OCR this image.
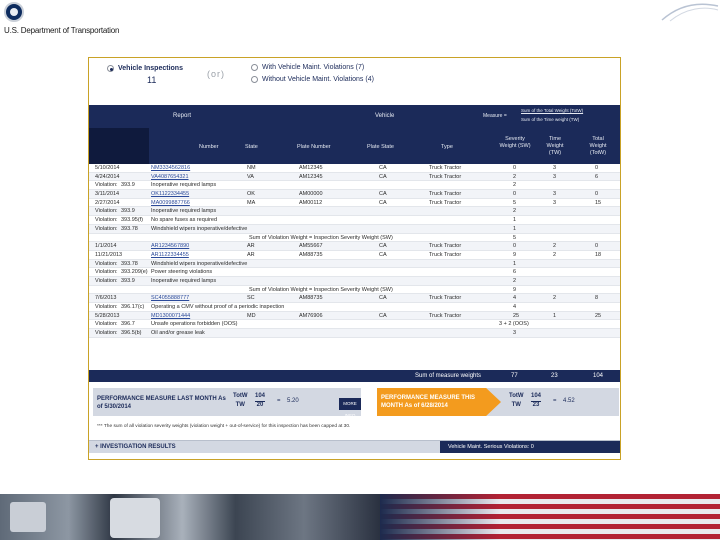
U.S. Department of Transportation
Vehicle Inspections
11
(or)
With Vehicle Maint. Violations (7)
Without Vehicle Maint. Violations (4)
Report	Vehicle	Measure =
Sum of the Total Weight (TotW)
Sum of the Time weight (TW)
Number	State	Plate Number	Plate State	Type
Severity Weight (SW)
Time Weight (TW)
Total Weight (TotW)
5/10/2014	NM3334562816	NM	AM12345	CA	Truck Tractor	0	3	0
4/24/2014	VA4087654321	VA	AM12345	CA	Truck Tractor	2	3	6
Violation: 393.9	Inoperative required lamps	2
3/11/2014	OK1122334455	OK	AM00000	CA	Truck Tractor	0	3	0
2/27/2014	MA0099887766	MA	AM00112	CA	Truck Tractor	5	3	15
Violation: 393.9	Inoperative required lamps	2
Violation: 393.95(f) No spare fuses as required	1
Violation: 393.78 Windshield wipers inoperative/defective	1
Sum of Violation Weight = Inspection Severity Weight (SW)	5
1/1/2014	AR1234567890	AR	AM55667	CA	Truck Tractor	0	2	0
11/21/2013	AR1122334455	AR	AM88735	CA	Truck Tractor	9	2	18
Violation: 393.78 Windshield wipers inoperative/defective	1
Violation: 393.209(e) Power steering violations	6
Violation: 393.9	Inoperative required lamps	2
Sum of Violation Weight = Inspection Severity Weight (SW)	9
7/6/2013	SC4055888777	SC	AM88735	CA	Truck Tractor	4	2	8
Violation: 396.17(c) Operating a CMV without proof of a periodic inspection	4
5/28/2013	MD1300071444	MD	AM76906	CA	Truck Tractor	25	1	25
Violation: 396.7	Unsafe operations forbidden (OOS)	3 + 2 (OOS)
Violation: 396.5(b) Oil and/or grease leak	3
Sum of measure weights	77	23	104
PERFORMANCE MEASURE LAST MONTH As of 5/30/2014
TotW
TW	$\frac{104}{20} = 5.20$	MORE INFO
PERFORMANCE MEASURE THIS MONTH As of 6/28/2014
TotW
TW	$\frac{104}{23} = 4.52$
*** The sum of all violation severity weights (violation weight + out-of-service) for this inspection has been capped at 30.
+ INVESTIGATION RESULTS	Vehicle Maint. Serious Violations: 0
